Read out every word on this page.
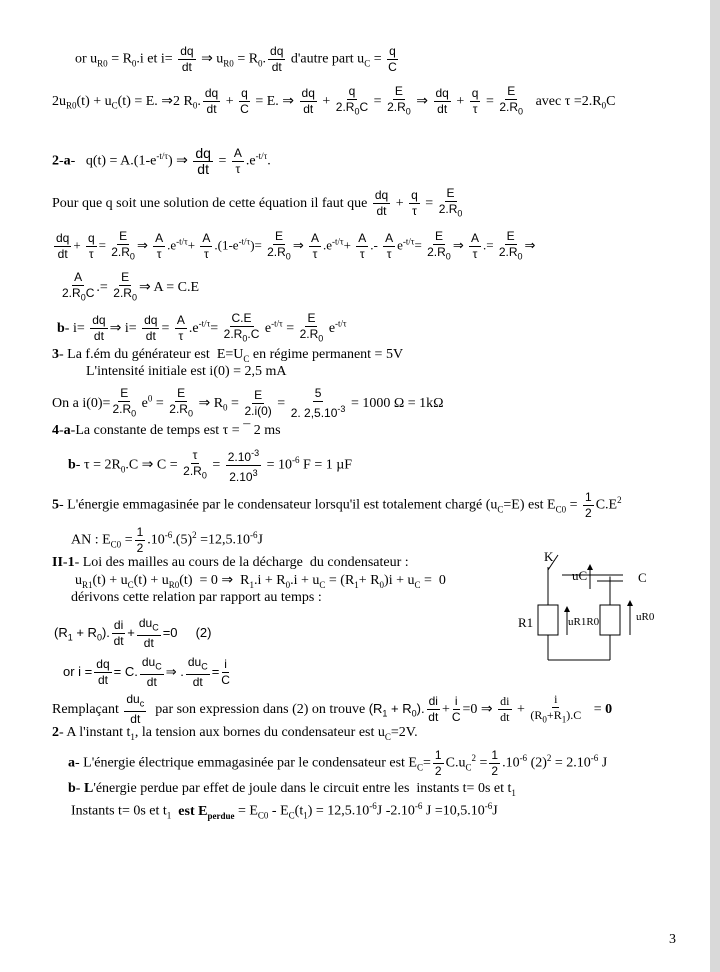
or $u_{R0} = R_0.i$ et $i= \frac{dq}{dt}$ ⇒ $u_{R0} = R_0$. $\frac{dq}{dt}$ d'autre part $u_C = \frac{q}{C}$
$2u_{R0}(t) + u_C(t) = E$. ⇒2 $R_0$. $\frac{dq}{dt} + \frac{q}{C} = E$. ⇒ $\frac{dq}{dt} + \frac{q}{2.R_0C} = \frac{E}{2.R_0}$ ⇒ $\frac{dq}{dt} + \frac{q}{\tau} = \frac{E}{2.R_0}$ avec $\tau =2.R_0C$
2-a-   $q(t) = A.(1-e^{-t/\tau})$ ⇒ $\frac{dq}{dt} = \frac{A}{\tau} .e^{-t/\tau}$.
Pour que q soit une solution de cette équation il faut que $\frac{dq}{dt} + \frac{q}{\tau} = \frac{E}{2.R_0}$
$\frac{dq}{dt} + \frac{q}{\tau} = \frac{E}{2.R_0}$ ⇒ $\frac{A}{\tau} .e^{-t/\tau}+ \frac{A}{\tau} .(1-e^{-t/\tau})= \frac{E}{2.R_0}$ ⇒ $\frac{A}{\tau} .e^{-t/\tau}+ \frac{A}{\tau}$ .- $\frac{A}{\tau} e^{-t/\tau}= \frac{E}{2.R_0}$ ⇒ $\frac{A}{\tau}$ .= $\frac{E}{2.R_0}$ ⇒
$\frac{A}{2.R_0C}$ .= $\frac{E}{2.R_0}$ ⇒ A = C.E
b- $i= \frac{dq}{dt}$ ⇒ $i= \frac{dq}{dt} = \frac{A}{\tau} .e^{-t/\tau}= \frac{C.E}{2.R_0.C} e^{-t/\tau} = \frac{E}{2.R_0} e^{-t/\tau}$
3- La f.ém du générateur est  $E=U_C$ en régime permanent = 5V
L'intensité initiale est i(0) = 2,5 mA
On a $i(0)= \frac{E}{2.R_0} e^0 = \frac{E}{2.R_0}$ ⇒ $R_0 = \frac{E}{2.i(0)} = \frac{5}{2. 2,5.10^{-3}} = 1000$ Ω = 1kΩ
4-a-La constante de temps est τ = ¯ 2 ms
b- $\tau = 2R_0.C$ ⇒ $C = \frac{\tau}{2.R_0} = \frac{2.10^{-3}}{2.10^3} = 10^{-6}$ F = 1 µF
5- L'énergie emmagasinée par le condensateur lorsqu'il est totalement chargé $(u_C=E)$ est $E_{C0} = \frac{1}{2} C.E^2$
AN : $E_{C0} = \frac{1}{2} .10^{-6}.(5)^2 =12,5.10^{-6}J$
II-1- Loi des mailles au cours de la décharge  du condensateur :
$u_{R1}(t) + u_C(t) + u_{R0}(t) = 0$ ⇒  $R_1.i + R_0.i + u_C = (R_1+ R_0)i + u_C = 0$
dérivons cette relation par rapport au temps :
$(R_1 + R_0)$. $\frac{di}{dt} + \frac{du_C}{dt} =0$     (2)
or $i = \frac{dq}{dt} = C$. $\frac{du_C}{dt}$ ⇒ . $\frac{du_C}{dt} = \frac{i}{C}$
Remplaçant $\frac{du_c}{dt}$ par son expression dans (2) on trouve $(R_1 + R_0)$. $\frac{di}{dt} + \frac{i}{C} =0$ ⇒ $\frac{di}{dt} + \frac{i}{(R_0+R_1).C} = 0$
2- A l'instant $t_1$, la tension aux bornes du condensateur est $u_C=2V$.
a- L'énergie électrique emmagasinée par le condensateur est $E_C= \frac{1}{2} C.u_C^2 = \frac{1}{2} .10^{-6}$ $(2)^2 = 2.10^{-6}$ J
b- L'énergie perdue par effet de joule dans le circuit entre les  instants t= 0s et $t_1$
Instants t= 0s et $t_1$ est $E_{perdue} = E_{C0} - E_C(t_1) = 12,5.10^{-6}J$ $-2.10^{-6}$ $J =10,5.10^{-6}J$
K
uC	C
R1	uR1R0	uR0
3
